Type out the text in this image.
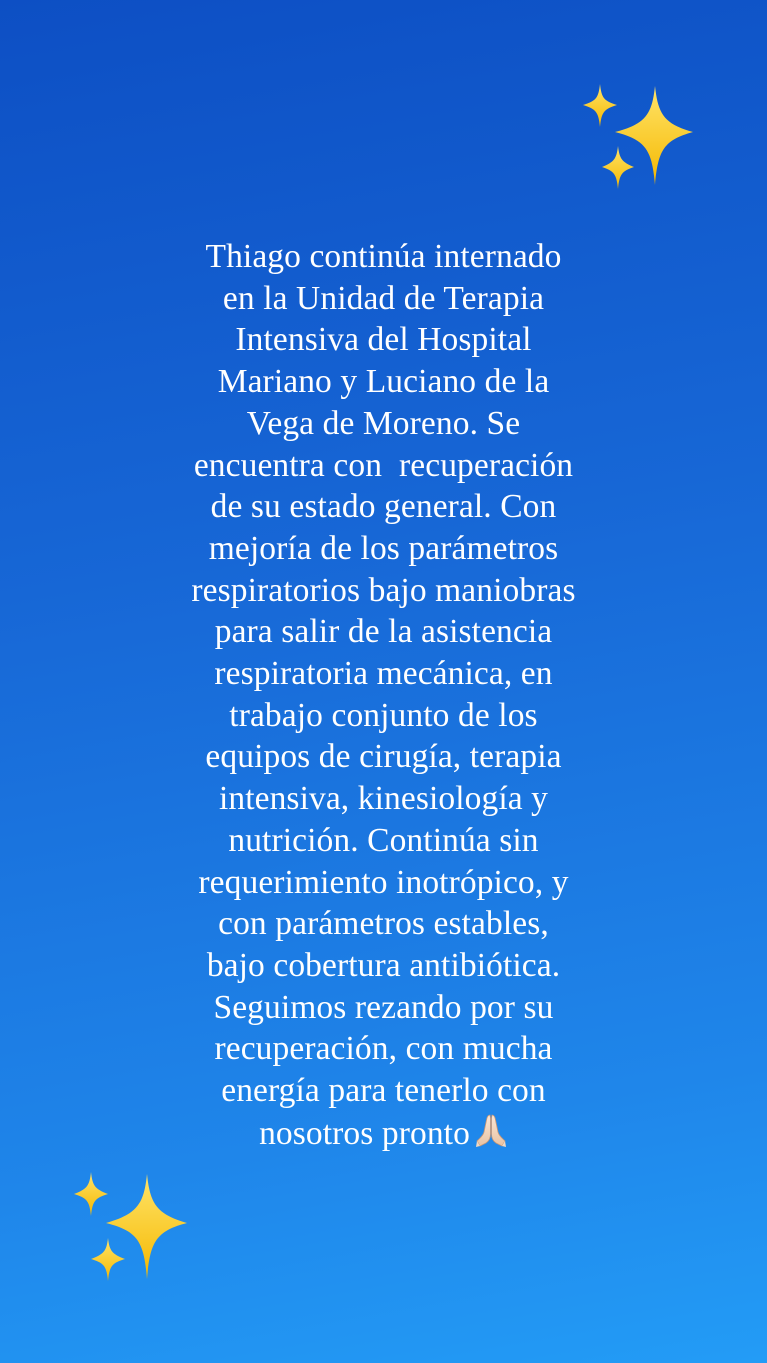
Thiago continúa internado
en la Unidad de Terapia
Intensiva del Hospital
Mariano y Luciano de la
Vega de Moreno. Se
encuentra con  recuperación
de su estado general. Con
mejoría de los parámetros
respiratorios bajo maniobras
para salir de la asistencia
respiratoria mecánica, en
trabajo conjunto de los
equipos de cirugía, terapia
intensiva, kinesiología y
nutrición. Continúa sin
requerimiento inotrópico, y
con parámetros estables,
bajo cobertura antibiótica.
Seguimos rezando por su
recuperación, con mucha
energía para tenerlo con
nosotros pronto
